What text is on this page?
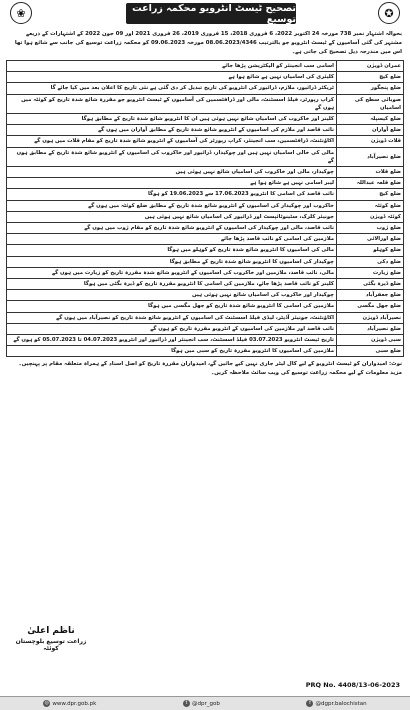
❀	تصحیح ٹیسٹ انٹرویو محکمہ زراعت توسیع	✪
بحوالہ اشتہار نمبر 738 مورخہ 24 اکتوبر 2022، 6 فروری 2018، 15 فروری 2019، 26 فروری 2021 اور 09 جون 2022 کے اشتہارات کے ذریعے مشتہر کی گئی آسامیوں کے ٹیسٹ انٹرویو جو بالترتیب 08.06.2023/4346 مورخہ 09.06.2023 کو محکمہ زراعت توسیع کی جانب سے شائع ہوا تھا اس میں مندرجہ ذیل تصحیح کی جاتی ہے۔
عمران ڈویژن	اسامی سب انجینئر کو الیکٹریشن پڑھا جائے
ضلع کیچ	کلیئری کی اسامیاں نہیں ہے شائع ہوا ہے
ضلع پنجگور	ٹریکٹر ڈرائیور، ملازم، ڈرائیور کی انٹرویو کی تاریخ تبدیل کر دی گئی ہے نئی تاریخ کا اعلان بعد میں کیا جائے گا
صوبائی سطح کی اسامیاں	کراپ رپورٹر، فیلڈ اسسٹنٹ، مالی اور ڈرافٹسمین کی آسامیوں کے ٹیسٹ انٹرویو جو مقررہ شائع شدہ تاریخ کو کوئٹہ میں ہوں گے
ضلع کیسپلہ	کلینر اور خاکروب کی اسامیاں شائع نہیں ہوئی ہیں ان کا انٹرویو شائع شدہ تاریخ کے مطابق ہوگا
ضلع آواران	نائب قاصد اور ملازم کی اسامیوں کے انٹرویو شائع شدہ تاریخ کے مطابق آواران میں ہوں گے
قلات ڈویژن	اکاؤنٹنٹ، ڈرافٹسمین، سب انجینئر، کراپ رپورٹر کی آسامیوں کے انٹرویو شائع شدہ تاریخ کو مقام قلات میں ہوں گے
ضلع نصیرآباد	مالی کی خالی اسامیاں نہیں ہیں اور چوکیدار، ڈرائیور اور خاکروب کی اسامیوں کے انٹرویو شائع شدہ تاریخ کے مطابق ہوں گے
ضلع قلات	چوکیدار، مالی اور خاکروب کی اسامیاں شائع نہیں ہوئی ہیں
ضلع قلعہ عبداللہ	لیبر اسامی نہیں ہے شائع ہوا ہے
ضلع کیچ	نائب قاصد کی اسامی کا انٹرویو 17.06.2023 سے 19.06.2023 کو ہوگا
ضلع کوئٹہ	خاکروب اور چوکیدار کی اسامیوں کے انٹرویو شائع شدہ تاریخ کے مطابق ضلع کوئٹہ میں ہوں گے
کوئٹہ ڈویژن	جونیئر کلرک، سٹینوٹائپسٹ اور ڈرائیور کی اسامیاں شائع نہیں ہوئی ہیں
ضلع ژوب	نائب قاصد، مالی اور چوکیدار کی اسامیوں کے انٹرویو شائع شدہ تاریخ کو مقام ژوب میں ہوں گے
ضلع اورالائی	ملازمین کی اسامی کو نائب قاصد پڑھا جائے
ضلع کوہلو	مالی کی اسامیوں کا انٹرویو شائع شدہ تاریخ کو کوہلو میں ہوگا
ضلع دکی	چوکیدار کی اسامیوں کا انٹرویو شائع شدہ تاریخ کے مطابق ہوگا
ضلع زیارت	مالی، نائب قاصد، ملازمین اور خاکروب کی اسامیوں کے انٹرویو شائع شدہ مقررہ تاریخ کو زیارت میں ہوں گے
ضلع ڈیرہ بگٹی	کلینر کو نائب قاصد پڑھا جائے، ملازمین کی اسامی کا انٹرویو مقررہ تاریخ کو ڈیرہ بگٹی میں ہوگا
ضلع جعفرآباد	چوکیدار اور خاکروب کی اسامیاں شائع نہیں ہوئی ہیں
ضلع جھل مگسی	ملازمین کی اسامی کا انٹرویو شائع شدہ تاریخ کو جھل مگسی میں ہوگا
نصیرآباد ڈویژن	اکاؤنٹنٹ، جونیئر آڈیٹر، لیڈی فیلڈ اسسٹنٹ کی اسامیوں کے انٹرویو شائع شدہ تاریخ کو نصیرآباد میں ہوں گے
ضلع نصیرآباد	نائب قاصد اور ملازمین کی اسامیوں کے انٹرویو مقررہ تاریخ کو ہوں گے
سبی ڈویژن	تاریخ ٹیسٹ انٹرویو 03.07.2023 فیلڈ اسسٹنٹ، سب انجینئر اور ڈرائیور اور انٹرویو 04.07.2023 تا 05.07.2023 کو ہوں گے
ضلع سبی	ملازمین کی اسامیوں کا انٹرویو مقررہ تاریخ کو سبی میں ہوگا
نوٹ: امیدواران کو ٹیسٹ انٹرویو کے لیے کال لیٹر جاری نہیں کیے جائیں گے، امیدواران مقررہ تاریخ کو اصل اسناد کے ہمراہ متعلقہ مقام پر پہنچیں۔ مزید معلومات کے لیے محکمہ زراعت توسیع کی ویب سائٹ ملاحظہ کریں۔
ناظم اعلیٰ
زراعت توسیع بلوچستان کوئٹہ
PRQ No. 4408/13-06-2023
◎ www.dpr.gob.pk	t @dpr_gob	f @dgpr.balochistan
